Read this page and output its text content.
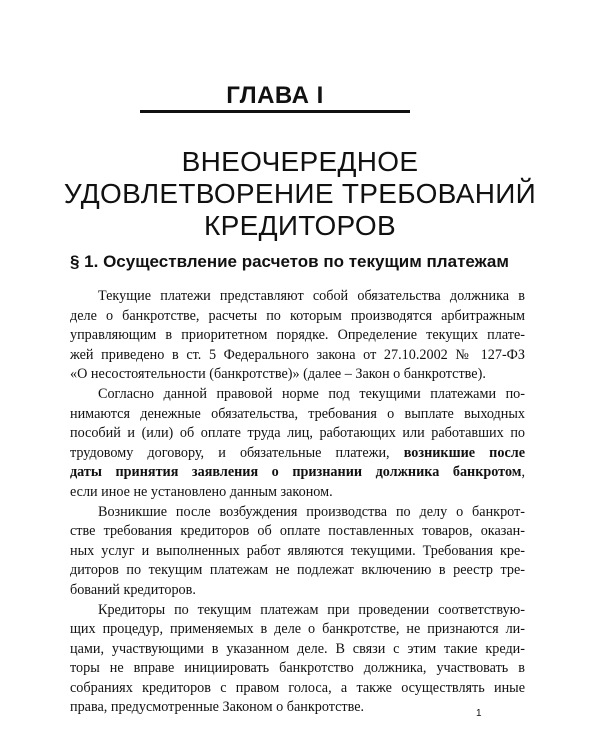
ГЛАВА I
ВНЕОЧЕРЕДНОЕ
УДОВЛЕТВОРЕНИЕ ТРЕБОВАНИЙ
КРЕДИТОРОВ
§ 1. Осуществление расчетов по текущим платежам
Текущие платежи представляют собой обязательства должника в
деле о банкротстве, расчеты по которым производятся арбитражным
управляющим в приоритетном порядке. Определение текущих плате-
жей приведено в ст. 5 Федерального закона от 27.10.2002 № 127-ФЗ
«О несостоятельности (банкротстве)» (далее – Закон о банкротстве).
Согласно данной правовой норме под текущими платежами по-
нимаются денежные обязательства, требования о выплате выходных
пособий и (или) об оплате труда лиц, работающих или работавших по
трудовому договору, и обязательные платежи, возникшие после
даты принятия заявления о признании должника банкротом,
если иное не установлено данным законом.
Возникшие после возбуждения производства по делу о банкрот-
стве требования кредиторов об оплате поставленных товаров, оказан-
ных услуг и выполненных работ являются текущими. Требования кре-
диторов по текущим платежам не подлежат включению в реестр тре-
бований кредиторов.
Кредиторы по текущим платежам при проведении соответствую-
щих процедур, применяемых в деле о банкротстве, не признаются ли-
цами, участвующими в указанном деле. В связи с этим такие креди-
торы не вправе инициировать банкротство должника, участвовать в
собраниях кредиторов с правом голоса, а также осуществлять иные
права, предусмотренные Законом о банкротстве.	1
